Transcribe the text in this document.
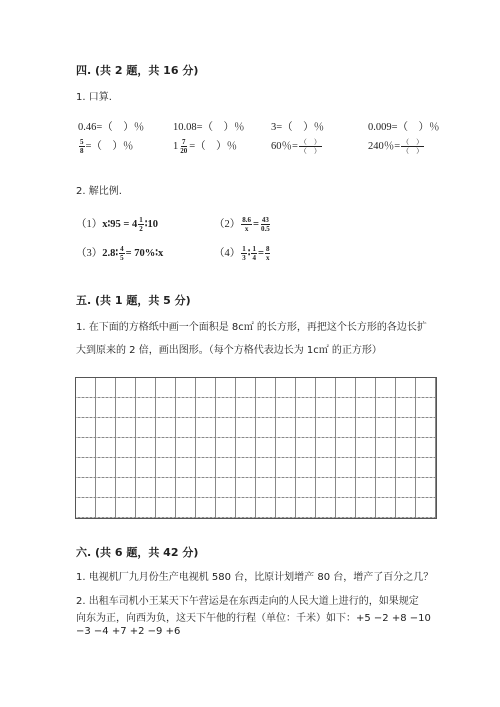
四. (共 2 题，共 16 分)
1. 口算.
0.46=（　）％	10.08=（　）％	3=（　）％	0.009=（　）％
$\frac{5}{8}$ =（　）％	$1 \frac{7}{20}$ =（　）％	60％= $\frac{( )}{( )}$	240％= $\frac{( )}{( )}$
2. 解比例.
（1）x∶95 = $4 \frac{1}{2}$ ∶10	$(2) \frac{8.6}{x} = \frac{43}{0.5}$
（3）2.8∶ $\frac{4}{5}$ = 70%∶x	$(4) \frac{1}{3}$ ∶ $\frac{1}{4} = \frac{8}{x}$
五. (共 1 题，共 5 分)
1. 在下面的方格纸中画一个面积是 8c㎡ 的长方形，再把这个长方形的各边长扩
大到原来的 2 倍，画出图形。（每个方格代表边长为 1c㎡ 的正方形）
六. (共 6 题，共 42 分)
1. 电视机厂九月份生产电视机 580 台，比原计划增产 80 台，增产了百分之几？
2. 出租车司机小王某天下午营运是在东西走向的人民大道上进行的，如果规定
向东为正，向西为负，这天下午他的行程（单位：千米）如下：+5 −2 +8 −10
−3 −4 +7 +2 −9 +6
